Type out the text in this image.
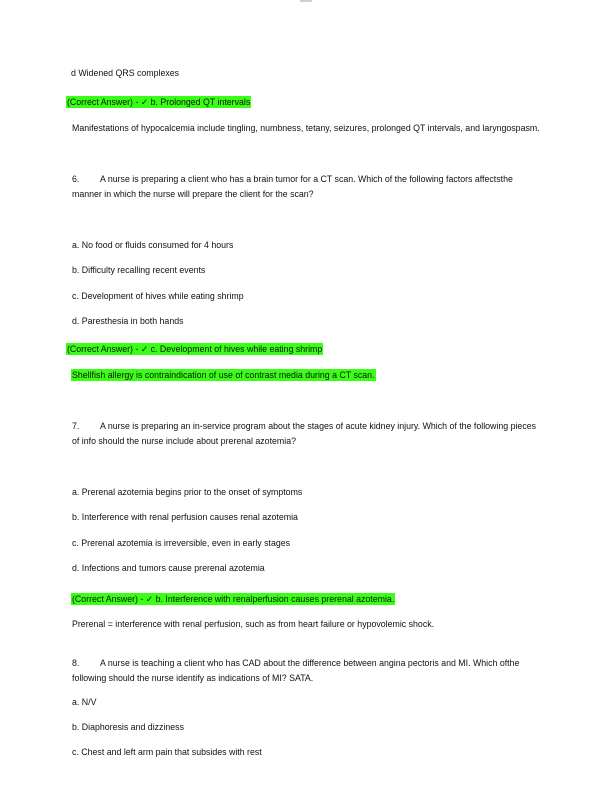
d Widened QRS complexes
(Correct Answer) - ✓ b. Prolonged QT intervals
Manifestations of hypocalcemia include tingling, numbness, tetany, seizures, prolonged QT intervals, and laryngospasm.
6. A nurse is preparing a client who has a brain tumor for a CT scan. Which of the following factors affectsthe manner in which the nurse will prepare the client for the scan?
a. No food or fluids consumed for 4 hours
b. Difficulty recalling recent events
c. Development of hives while eating shrimp
d. Paresthesia in both hands
(Correct Answer) - ✓ c. Development of hives while eating shrimp
Shellfish allergy is contraindication of use of contrast media during a CT scan.
7. A nurse is preparing an in-service program about the stages of acute kidney injury. Which of the following pieces of info should the nurse include about prerenal azotemia?
a. Prerenal azotemia begins prior to the onset of symptoms
b. Interference with renal perfusion causes renal azotemia
c. Prerenal azotemia is irreversible, even in early stages
d. Infections and tumors cause prerenal azotemia
(Correct Answer) - ✓ b. Interference with renalperfusion causes prerenal azotemia.
Prerenal = interference with renal perfusion, such as from heart failure or hypovolemic shock.
8. A nurse is teaching a client who has CAD about the difference between angina pectoris and MI. Which ofthe following should the nurse identify as indications of MI? SATA.
a. N/V
b. Diaphoresis and dizziness
c. Chest and left arm pain that subsides with rest
